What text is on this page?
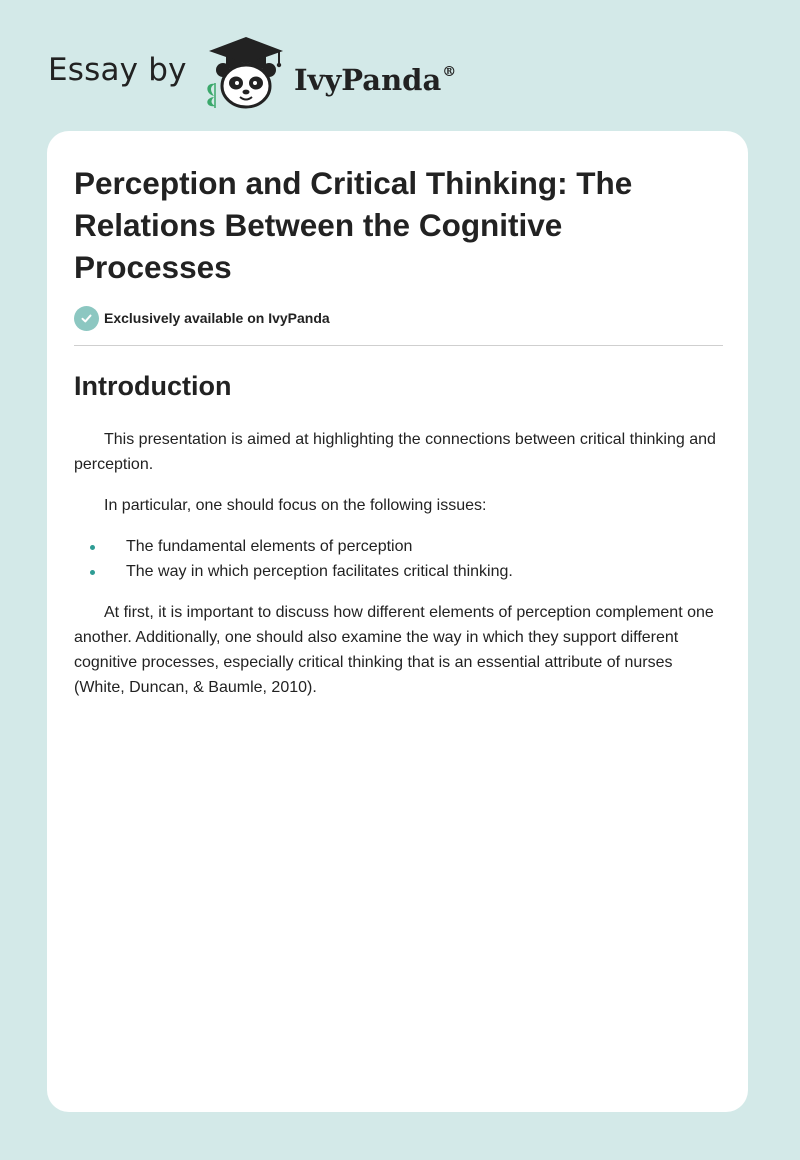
Essay by	IvyPanda®
Perception and Critical Thinking: The Relations Between the Cognitive Processes
Exclusively available on IvyPanda
Introduction

This presentation is aimed at highlighting the connections between critical thinking and perception.

In particular, one should focus on the following issues:

The fundamental elements of perception
The way in which perception facilitates critical thinking.

At first, it is important to discuss how different elements of perception complement one another. Additionally, one should also examine the way in which they support different cognitive processes, especially critical thinking that is an essential attribute of nurses (White, Duncan, & Baumle, 2010).
